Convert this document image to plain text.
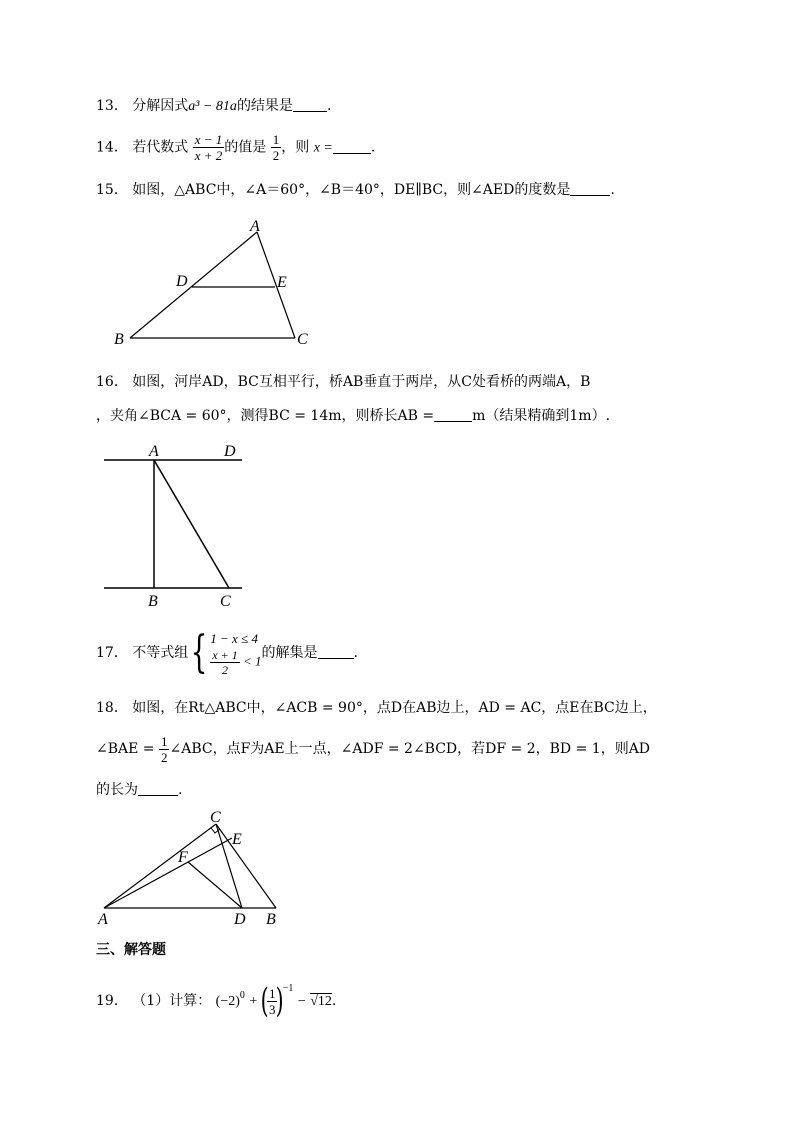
13． 分解因式a³ − 81a的结果是 .
14． 若代数式 $\frac{x - 1}{x + 2}$ 的值是 $\frac{1}{2}$ ，则 x =	.
15． 如图，△ABC中，∠A＝60°，∠B＝40°，DE∥BC，则∠AED的度数是	.
A
B	C
D	E
16． 如图，河岸AD，BC互相平行，桥AB垂直于两岸，从C处看桥的两端A，B
，夹角∠BCA = 60°，测得BC = 14m，则桥长AB =	m（结果精确到1m）.
A	D
B	C
17． 不等式组{ 1 − x ≤ 4
$\frac{x + 1}{2} < 1$ 的解集是	.
18． 如图，在Rt△ABC中，∠ACB = 90°，点D在AB边上，AD = AC，点E在BC边上，
∠BAE = $\frac{1}{2}$ ∠ABC，点F为AE上一点，∠ADF = 2∠BCD，若DF = 2，BD = 1，则AD
的长为	.
C
E
F
A	D B
三、解答题
19． （1）计算： $(-2)^0$ + (
$\frac{1}{3}$
)$^{-1}$ − √12.
